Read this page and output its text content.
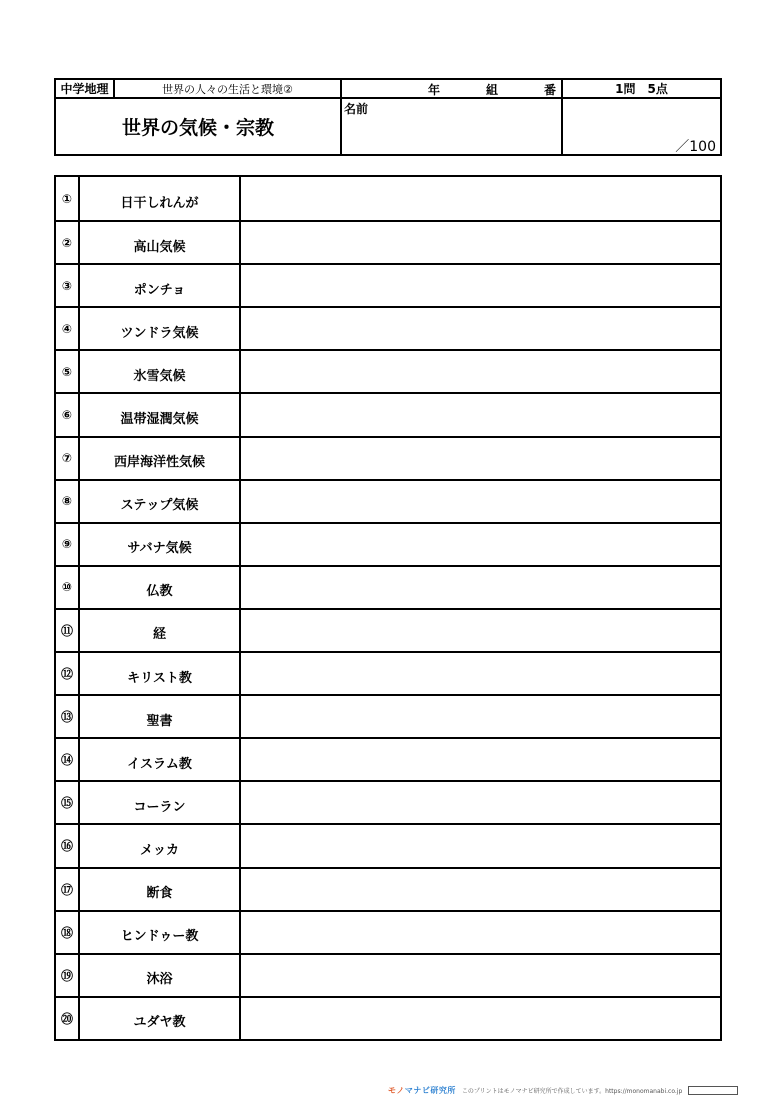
中学地理	世界の人々の生活と環境②	年	組	番	1問　5点
世界の気候・宗教
名前
／100
①	日干しれんが
②	高山気候
③	ポンチョ
④	ツンドラ気候
⑤	氷雪気候
⑥	温帯湿潤気候
⑦	西岸海洋性気候
⑧	ステップ気候
⑨	サバナ気候
⑩	仏教
⑪	経
⑫	キリスト教
⑬	聖書
⑭	イスラム教
⑮	コーラン
⑯	メッカ
⑰	断食
⑱	ヒンドゥー教
⑲	沐浴
⑳	ユダヤ教
モノマナビ研究所 このプリントはモノマナビ研究所で作成しています。https://monomanabi.co.jp
